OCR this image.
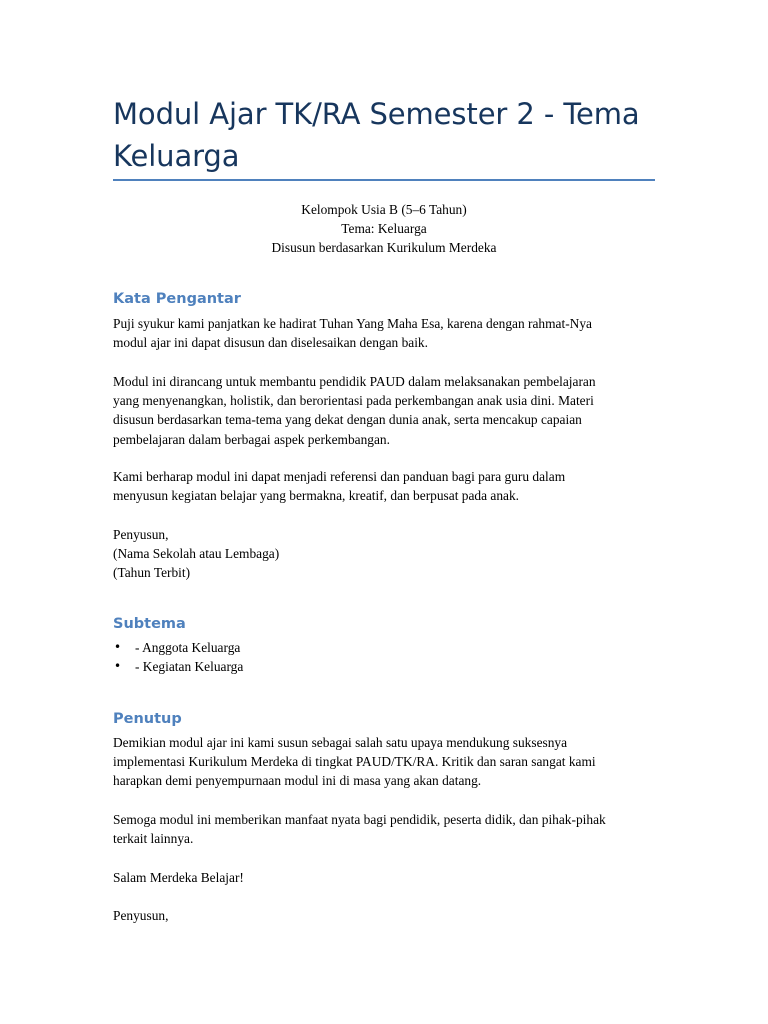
Modul Ajar TK/RA Semester 2 - Tema Keluarga
Kelompok Usia B (5–6 Tahun)
Tema: Keluarga
Disusun berdasarkan Kurikulum Merdeka
Kata Pengantar
Puji syukur kami panjatkan ke hadirat Tuhan Yang Maha Esa, karena dengan rahmat-Nya
modul ajar ini dapat disusun dan diselesaikan dengan baik.
Modul ini dirancang untuk membantu pendidik PAUD dalam melaksanakan pembelajaran
yang menyenangkan, holistik, dan berorientasi pada perkembangan anak usia dini. Materi
disusun berdasarkan tema-tema yang dekat dengan dunia anak, serta mencakup capaian
pembelajaran dalam berbagai aspek perkembangan.
Kami berharap modul ini dapat menjadi referensi dan panduan bagi para guru dalam
menyusun kegiatan belajar yang bermakna, kreatif, dan berpusat pada anak.
Penyusun,
(Nama Sekolah atau Lembaga)
(Tahun Terbit)
Subtema
• - Anggota Keluarga
• - Kegiatan Keluarga
Penutup
Demikian modul ajar ini kami susun sebagai salah satu upaya mendukung suksesnya
implementasi Kurikulum Merdeka di tingkat PAUD/TK/RA. Kritik dan saran sangat kami
harapkan demi penyempurnaan modul ini di masa yang akan datang.
Semoga modul ini memberikan manfaat nyata bagi pendidik, peserta didik, dan pihak-pihak
terkait lainnya.
Salam Merdeka Belajar!
Penyusun,
